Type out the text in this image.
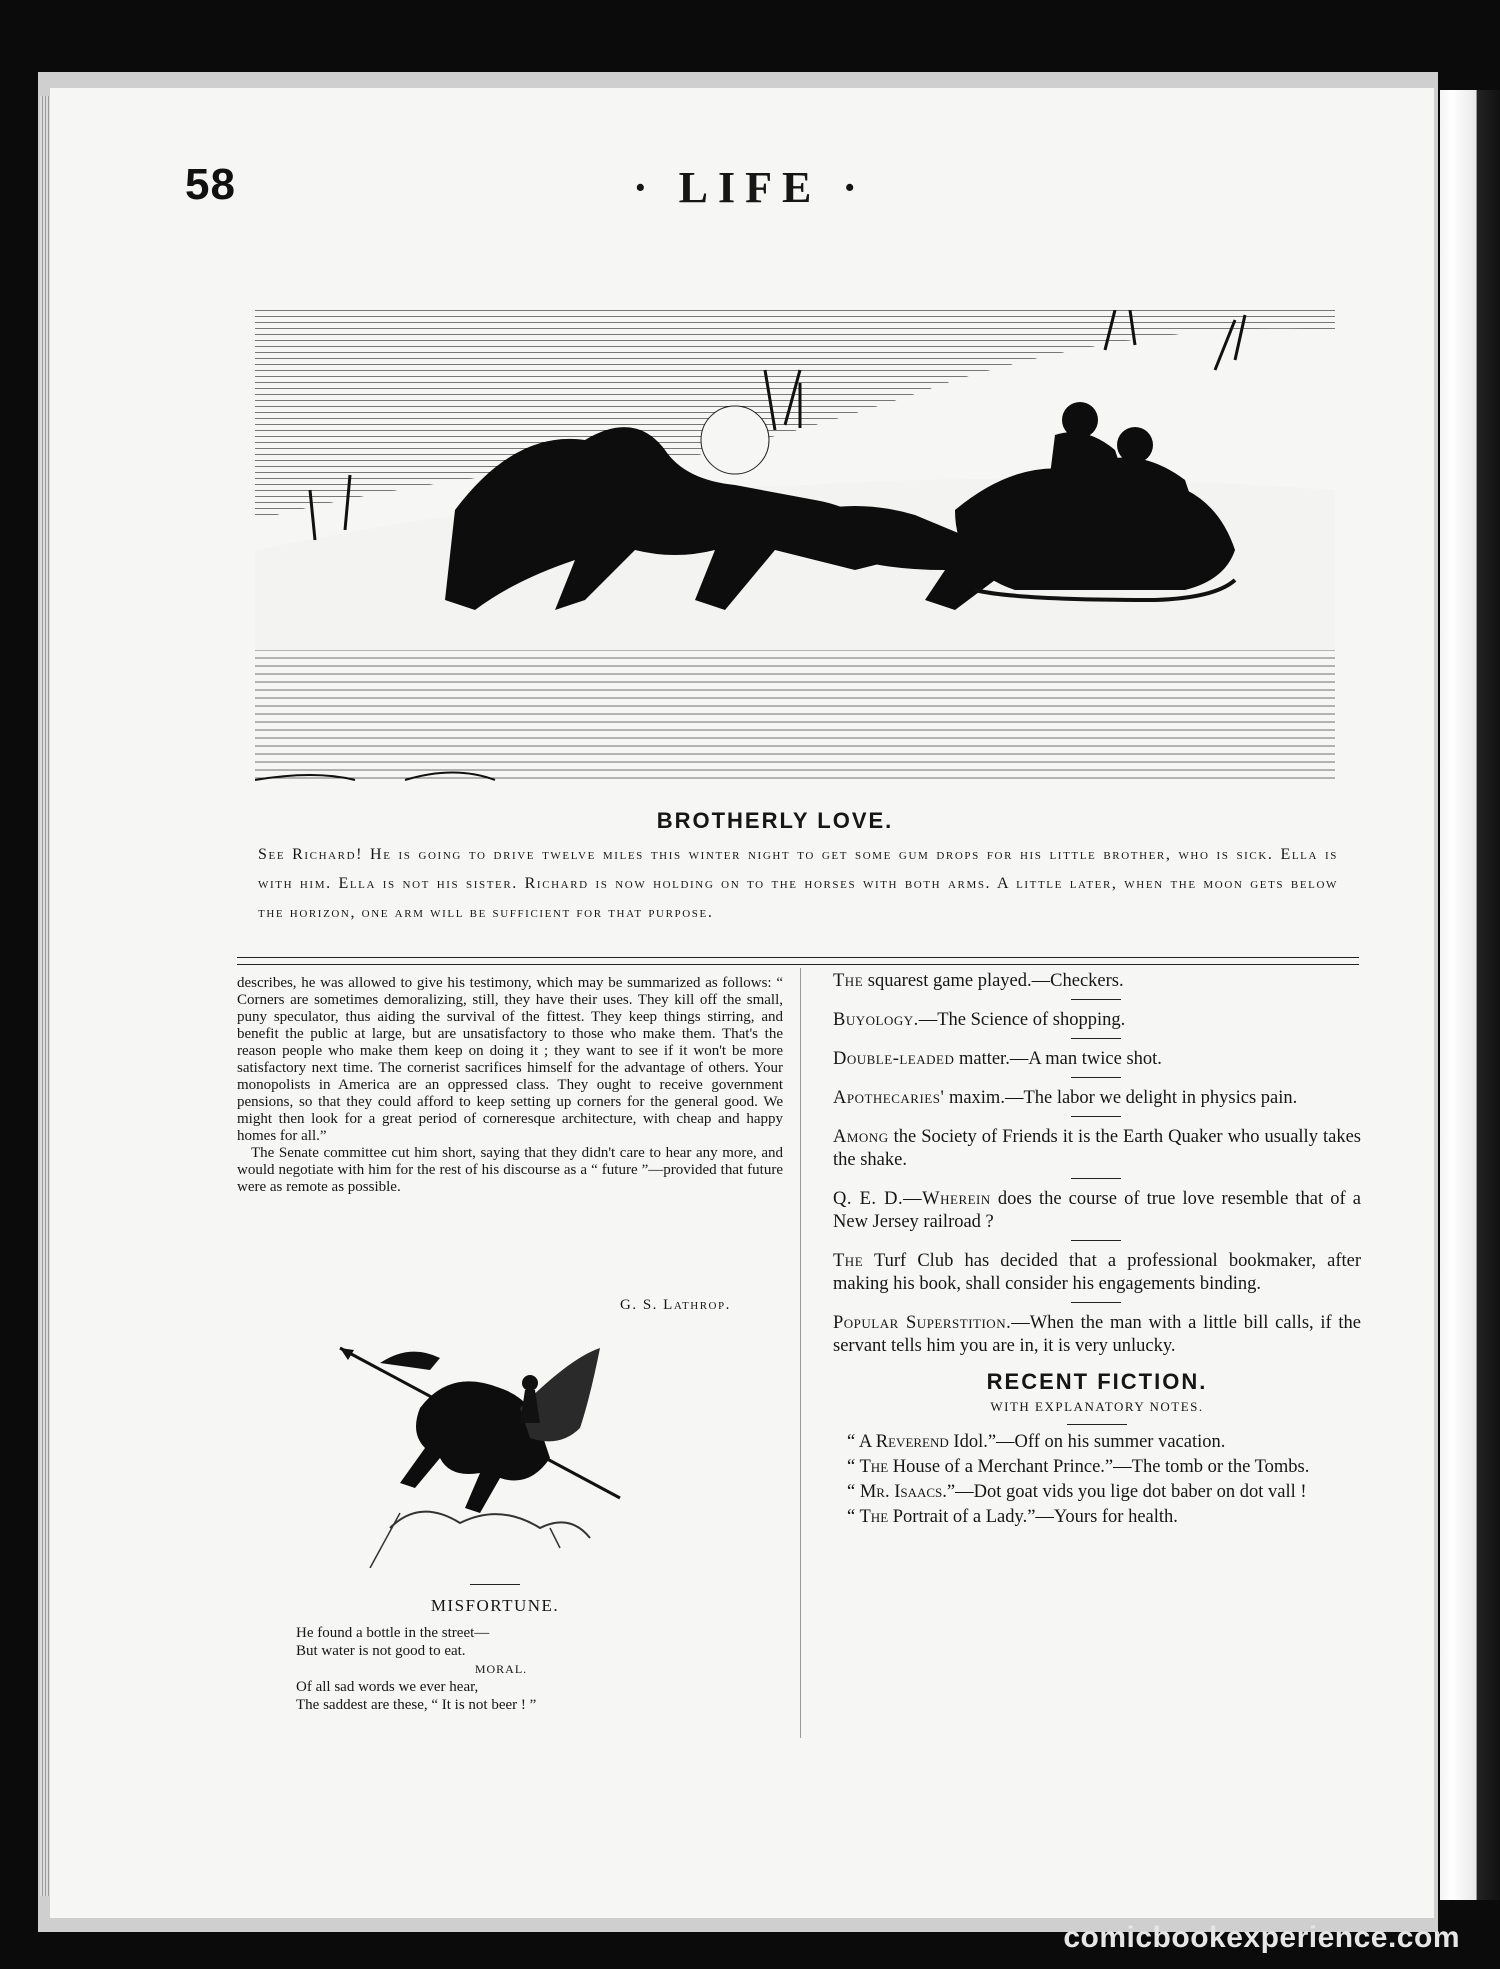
58	· LIFE ·
BROTHERLY LOVE.
See Richard! He is going to drive twelve miles this winter night to get some gum drops for his little brother, who is sick. Ella is with him. Ella is not his sister. Richard is now holding on to the horses with both arms. A little later, when the moon gets below the horizon, one arm will be sufficient for that purpose.

describes, he was allowed to give his testimony, which may be summarized as follows: “ Corners are sometimes demoralizing, still, they have their uses. They kill off the small, puny speculator, thus aiding the survival of the fittest. They keep things stirring, and benefit the public at large, but are unsatisfactory to those who make them. That's the reason people who make them keep on doing it ; they want to see if it won't be more satisfactory next time. The cornerist sacrifices himself for the advantage of others. Your monopolists in America are an oppressed class. They ought to receive government pensions, so that they could afford to keep setting up corners for the general good. We might then look for a great period of corneresque architecture, with cheap and happy homes for all.”

The Senate committee cut him short, saying that they didn't care to hear any more, and would negotiate with him for the rest of his discourse as a “ future ”—provided that future were as remote as possible.

G. S. Lathrop.
MISFORTUNE.
He found a bottle in the street—
But water is not good to eat.
MORAL.
Of all sad words we ever hear,
The saddest are these, “ It is not beer ! ”

The squarest game played.—Checkers.

Buyology.—The Science of shopping.

Double-leaded matter.—A man twice shot.

Apothecaries' maxim.—The labor we delight in physics pain.

Among the Society of Friends it is the Earth Quaker who usually takes the shake.

Q. E. D.—Wherein does the course of true love resemble that of a New Jersey railroad ?

The Turf Club has decided that a professional bookmaker, after making his book, shall consider his engagements binding.

Popular Superstition.—When the man with a little bill calls, if the servant tells him you are in, it is very unlucky.

RECENT FICTION.
WITH EXPLANATORY NOTES.

“ A Reverend Idol.”—Off on his summer vacation.

“ The House of a Merchant Prince.”—The tomb or the Tombs.

“ Mr. Isaacs.”—Dot goat vids you lige dot baber on dot vall !

“ The Portrait of a Lady.”—Yours for health.

comicbookexperience.com
